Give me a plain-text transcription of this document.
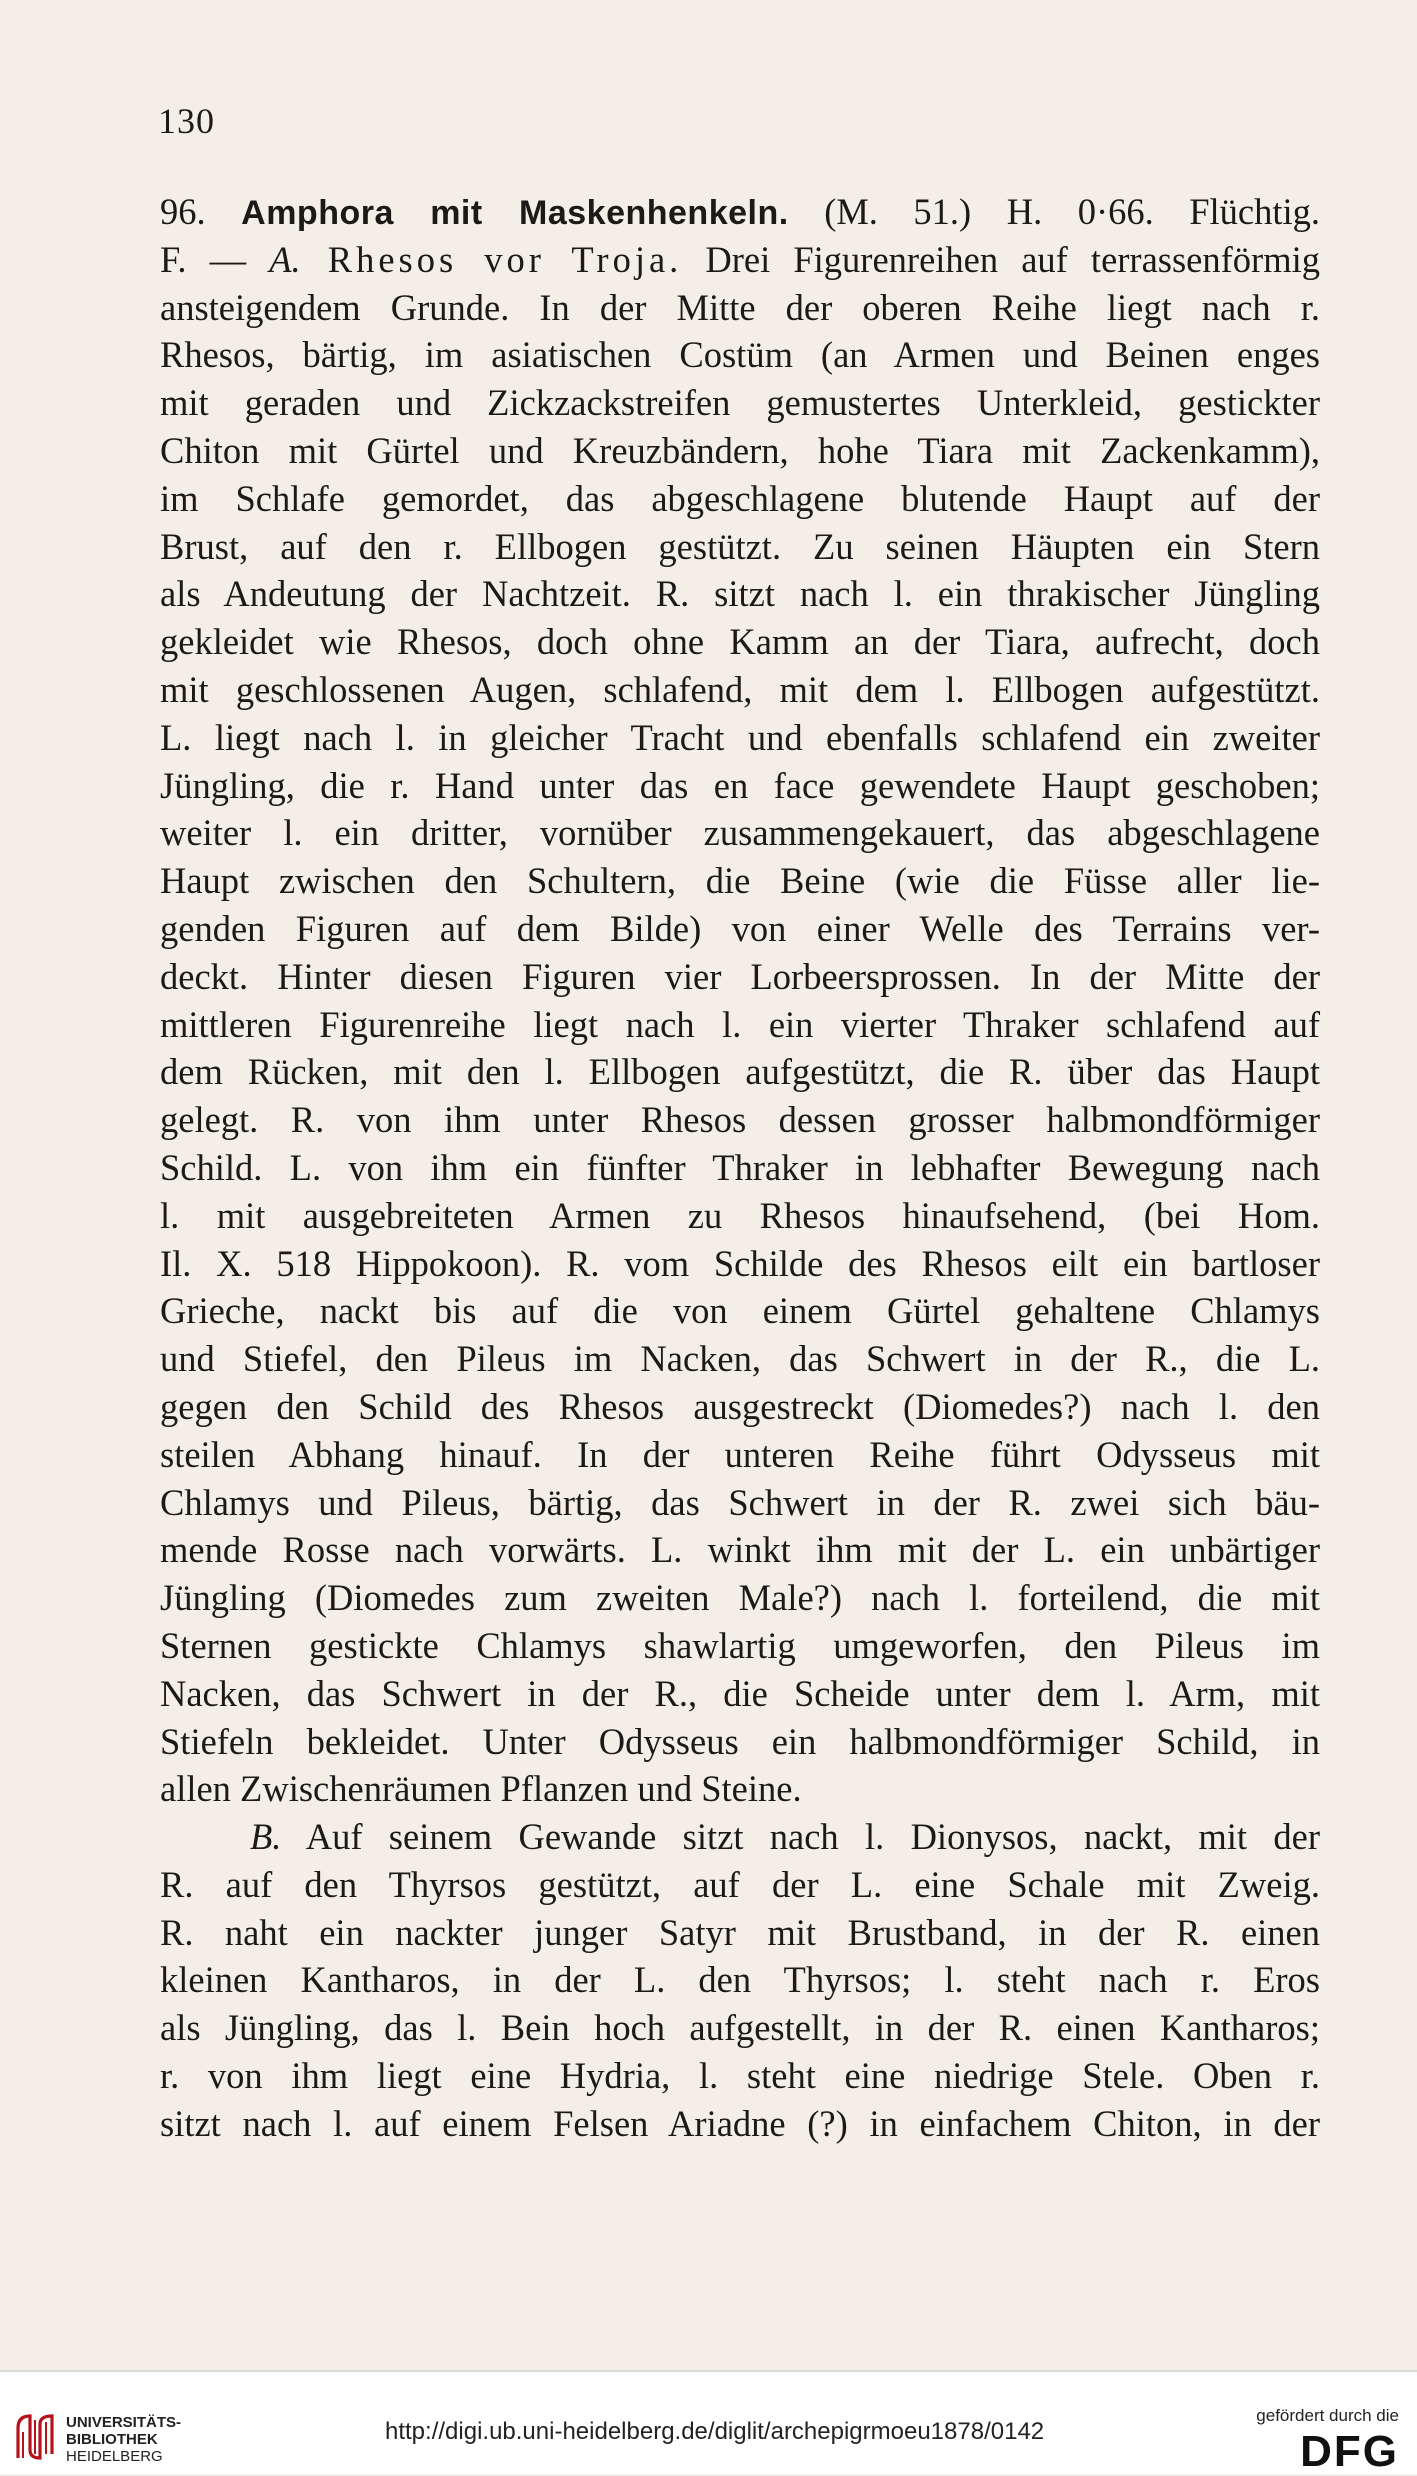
130
96. Amphora mit Maskenhenkeln. (M. 51.) H. 0·66. Flüchtig.
F. — A. Rhesos vor Troja. Drei Figurenreihen auf terrassenförmig
ansteigendem Grunde. In der Mitte der oberen Reihe liegt nach r.
Rhesos, bärtig, im asiatischen Costüm (an Armen und Beinen enges
mit geraden und Zickzackstreifen gemustertes Unterkleid, gestickter
Chiton mit Gürtel und Kreuzbändern, hohe Tiara mit Zackenkamm),
im Schlafe gemordet, das abgeschlagene blutende Haupt auf der
Brust, auf den r. Ellbogen gestützt. Zu seinen Häupten ein Stern
als Andeutung der Nachtzeit. R. sitzt nach l. ein thrakischer Jüngling
gekleidet wie Rhesos, doch ohne Kamm an der Tiara, aufrecht, doch
mit geschlossenen Augen, schlafend, mit dem l. Ellbogen aufgestützt.
L. liegt nach l. in gleicher Tracht und ebenfalls schlafend ein zweiter
Jüngling, die r. Hand unter das en face gewendete Haupt geschoben;
weiter l. ein dritter, vornüber zusammengekauert, das abgeschlagene
Haupt zwischen den Schultern, die Beine (wie die Füsse aller lie-
genden Figuren auf dem Bilde) von einer Welle des Terrains ver-
deckt. Hinter diesen Figuren vier Lorbeersprossen. In der Mitte der
mittleren Figurenreihe liegt nach l. ein vierter Thraker schlafend auf
dem Rücken, mit den l. Ellbogen aufgestützt, die R. über das Haupt
gelegt. R. von ihm unter Rhesos dessen grosser halbmondförmiger
Schild. L. von ihm ein fünfter Thraker in lebhafter Bewegung nach
l. mit ausgebreiteten Armen zu Rhesos hinaufsehend, (bei Hom.
Il. X. 518 Hippokoon). R. vom Schilde des Rhesos eilt ein bartloser
Grieche, nackt bis auf die von einem Gürtel gehaltene Chlamys
und Stiefel, den Pileus im Nacken, das Schwert in der R., die L.
gegen den Schild des Rhesos ausgestreckt (Diomedes?) nach l. den
steilen Abhang hinauf. In der unteren Reihe führt Odysseus mit
Chlamys und Pileus, bärtig, das Schwert in der R. zwei sich bäu-
mende Rosse nach vorwärts. L. winkt ihm mit der L. ein unbärtiger
Jüngling (Diomedes zum zweiten Male?) nach l. forteilend, die mit
Sternen gestickte Chlamys shawlartig umgeworfen, den Pileus im
Nacken, das Schwert in der R., die Scheide unter dem l. Arm, mit
Stiefeln bekleidet. Unter Odysseus ein halbmondförmiger Schild, in
allen Zwischenräumen Pflanzen und Steine.
B. Auf seinem Gewande sitzt nach l. Dionysos, nackt, mit der
R. auf den Thyrsos gestützt, auf der L. eine Schale mit Zweig.
R. naht ein nackter junger Satyr mit Brustband, in der R. einen
kleinen Kantharos, in der L. den Thyrsos; l. steht nach r. Eros
als Jüngling, das l. Bein hoch aufgestellt, in der R. einen Kantharos;
r. von ihm liegt eine Hydria, l. steht eine niedrige Stele. Oben r.
sitzt nach l. auf einem Felsen Ariadne (?) in einfachem Chiton, in der
UNIVERSITÄTS-
BIBLIOTHEK
HEIDELBERG
http://digi.ub.uni-heidelberg.de/diglit/archepigrmoeu1878/0142
gefördert durch die
DFG
